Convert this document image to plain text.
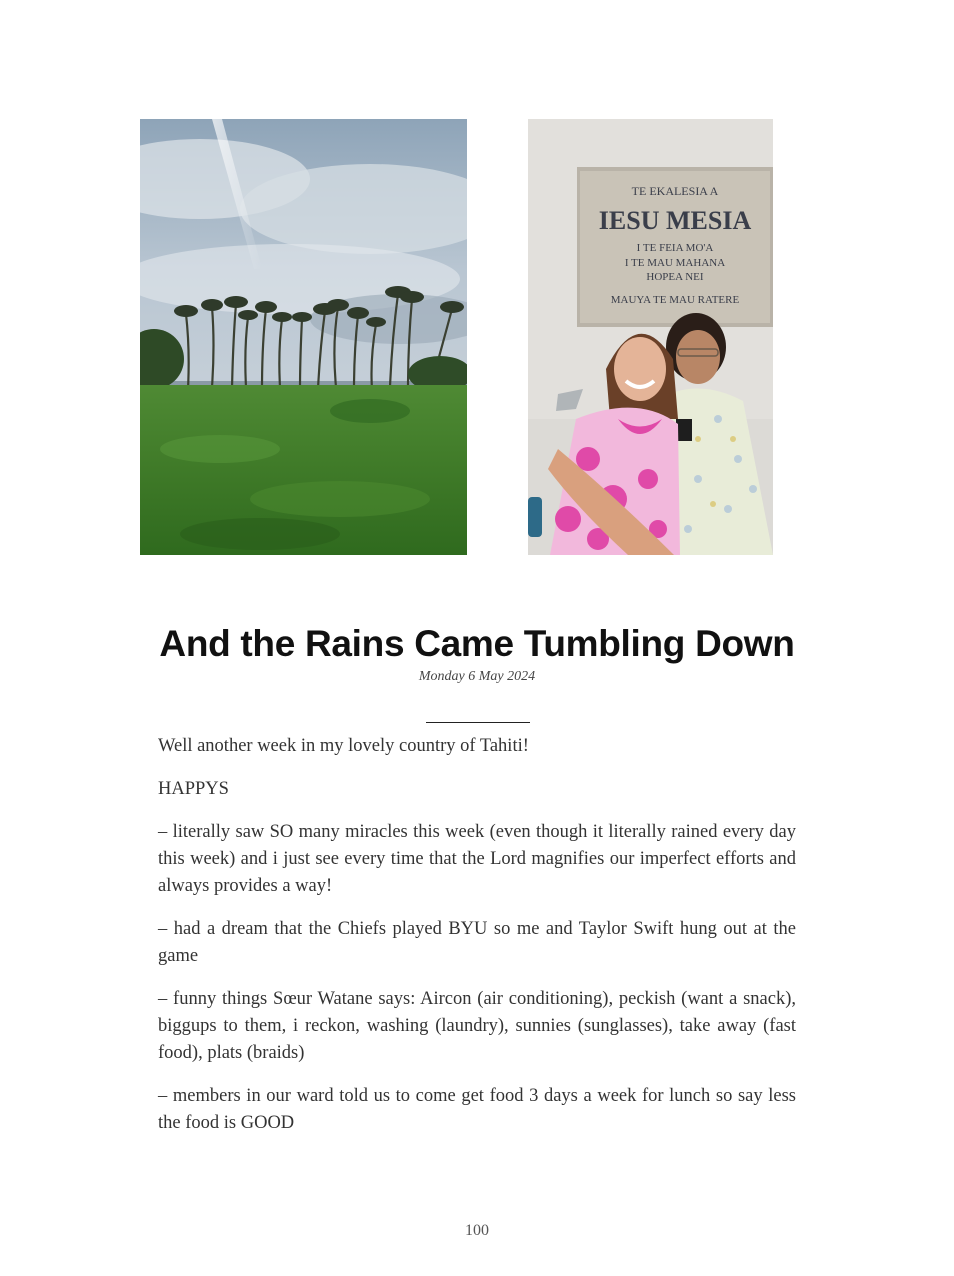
TE EKALESIA A
IESU MESIA
I TE FEIA MO'A
I TE MAU MAHANA
HOPEA NEI
MAUYA TE MAU RATERE
And the Rains Came Tumbling Down
Monday 6 May 2024

Well another week in my lovely country of Tahiti!

HAPPYS

– literally saw SO many miracles this week (even though it literally rained every day this week) and i just see every time that the Lord magnifies our imperfect efforts and always provides a way!

– had a dream that the Chiefs played BYU so me and Taylor Swift hung out at the game

– funny things Sœur Watane says: Aircon (air conditioning), peckish (want a snack), biggups to them, i reckon, washing (laundry), sunnies (sunglasses), take away (fast food), plats (braids)

– members in our ward told us to come get food 3 days a week for lunch so say less the food is GOOD

100
